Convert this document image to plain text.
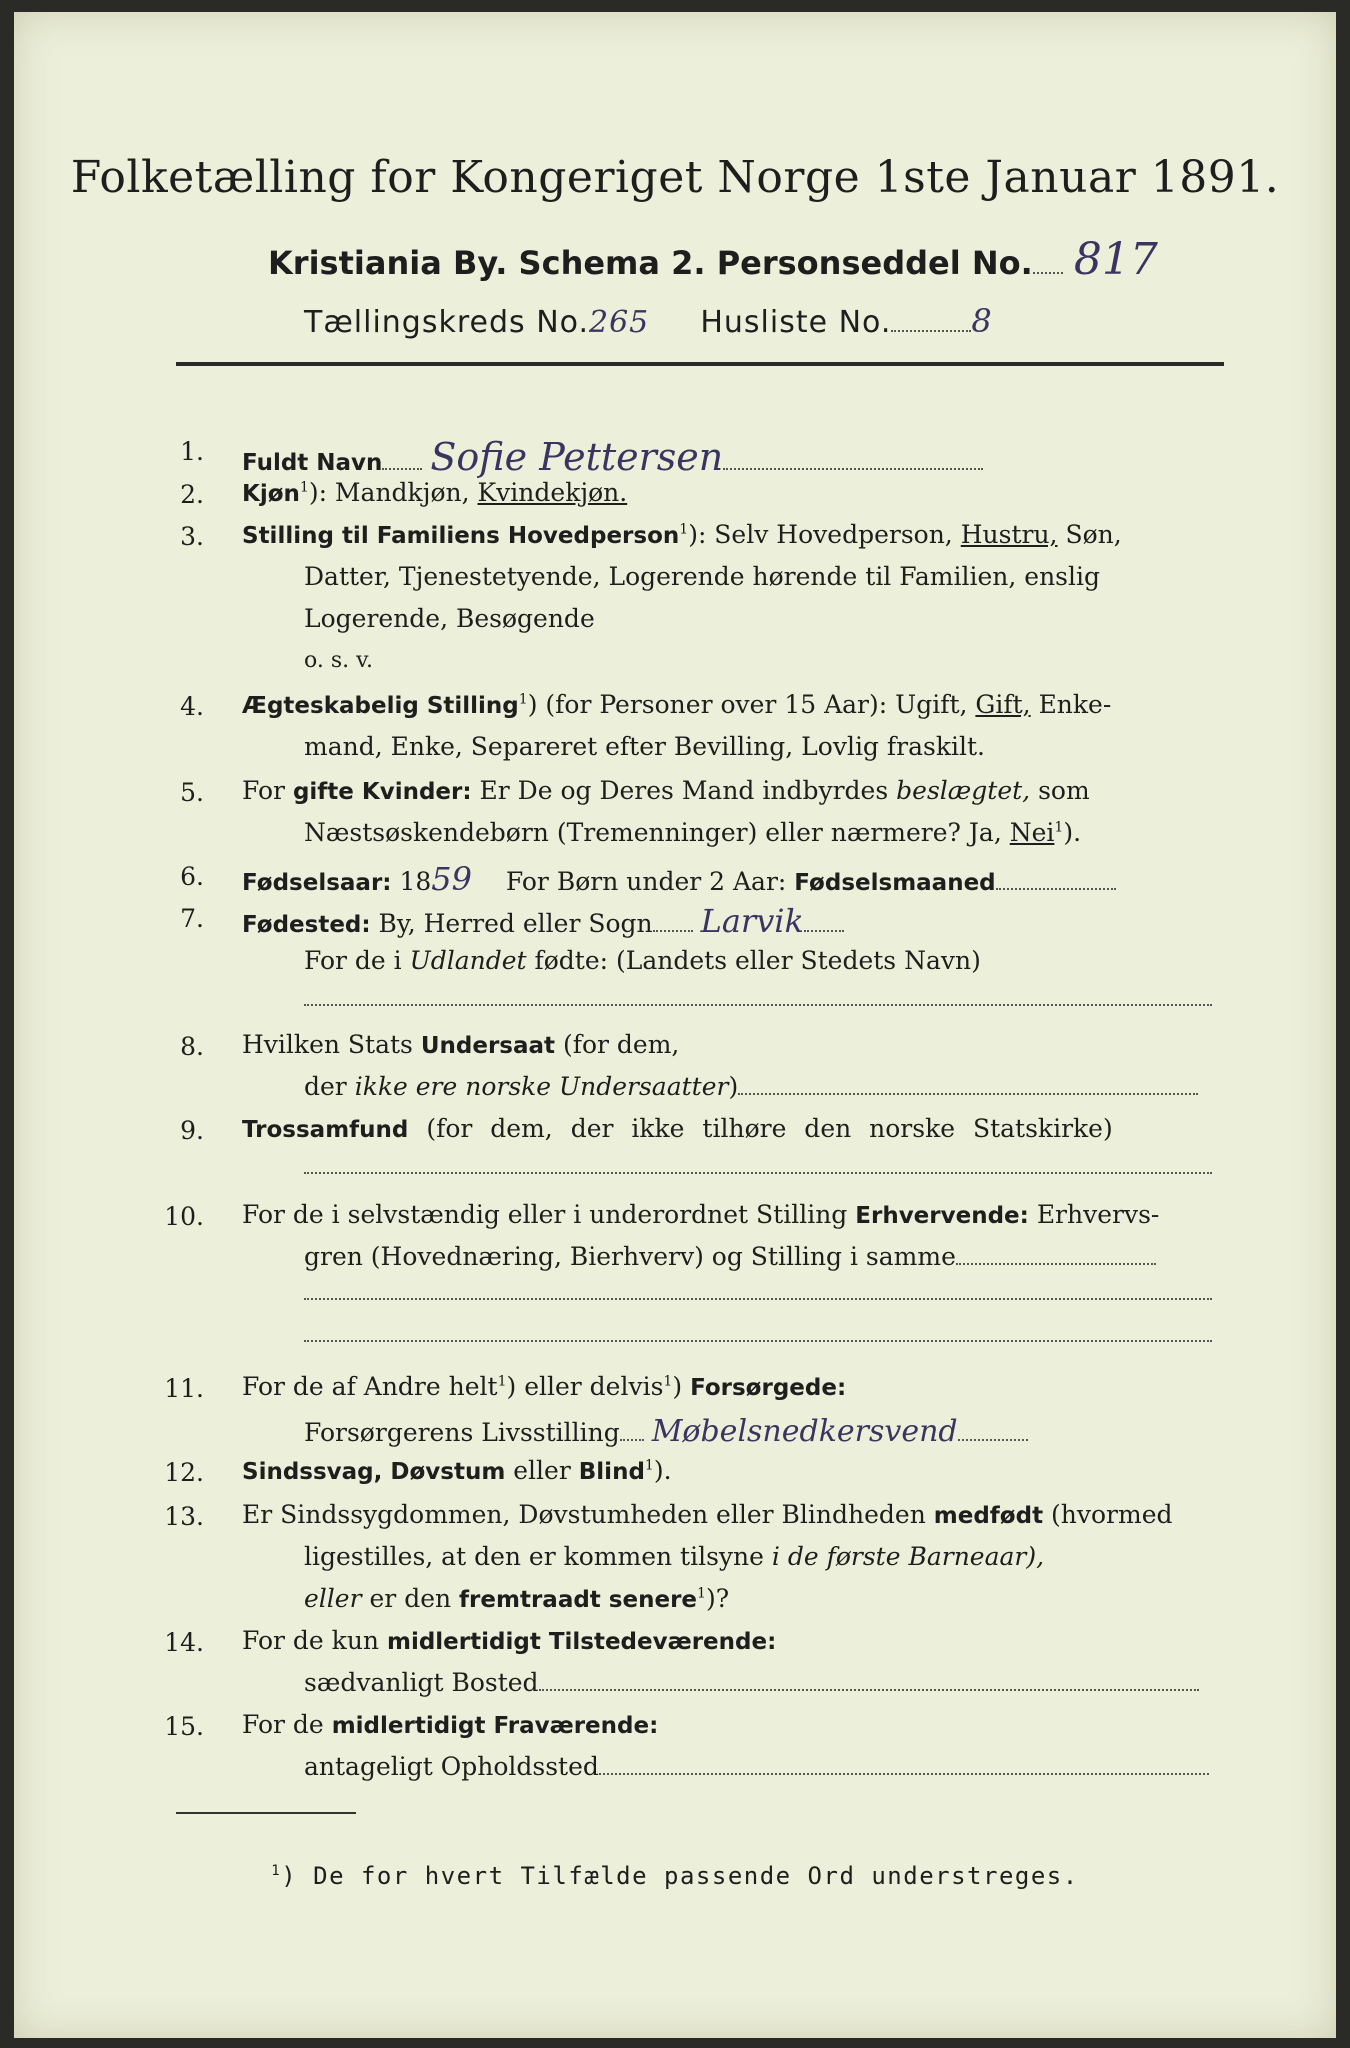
Folketælling for Kongeriget Norge 1ste Januar 1891.
Kristiania By. Schema 2. Personseddel No. 817
Tællingskreds No.265 Husliste No.	8
1. Fuldt Navn Sofie Pettersen
2. Kjøn$^1$): Mandkjøn, Kvindekjøn.
3. Stilling til Familiens Hovedperson$^1$): Selv Hovedperson, Hustru, Søn,
Datter, Tjenestetyende, Logerende hørende til Familien, enslig
Logerende, Besøgende
o. s. v.
4. Ægteskabelig Stilling$^1$) (for Personer over 15 Aar): Ugift, Gift, Enke-
mand, Enke, Separeret efter Bevilling, Lovlig fraskilt.
5. For gifte Kvinder: Er De og Deres Mand indbyrdes beslægtet, som
Næstsøskendebørn (Tremenninger) eller nærmere? Ja, Nei$^1$).
6. Fødselsaar: 1859 For Børn under 2 Aar: Fødselsmaaned
7. Fødested: By, Herred eller Sogn Larvik
For de i Udlandet fødte: (Landets eller Stedets Navn)
8. Hvilken Stats Undersaat (for dem,
der ikke ere norske Undersaatter)
9. Trossamfund (for dem, der ikke tilhøre den norske Statskirke)
10. For de i selvstændig eller i underordnet Stilling Erhvervende: Erhvervs-
gren (Hovednæring, Bierhverv) og Stilling i samme
11. For de af Andre helt$^1$) eller delvis$^1$) Forsørgede:
Forsørgerens Livsstilling Møbelsnedkersvend
12. Sindssvag, Døvstum eller Blind$^1$).
13. Er Sindssygdommen, Døvstumheden eller Blindheden medfødt (hvormed
ligestilles, at den er kommen tilsyne i de første Barneaar),
eller er den fremtraadt senere$^1$)?
14. For de kun midlertidigt Tilstedeværende:
sædvanligt Bosted
15. For de midlertidigt Fraværende:
antageligt Opholdssted
$^1$) De for hvert Tilfælde passende Ord understreges.
